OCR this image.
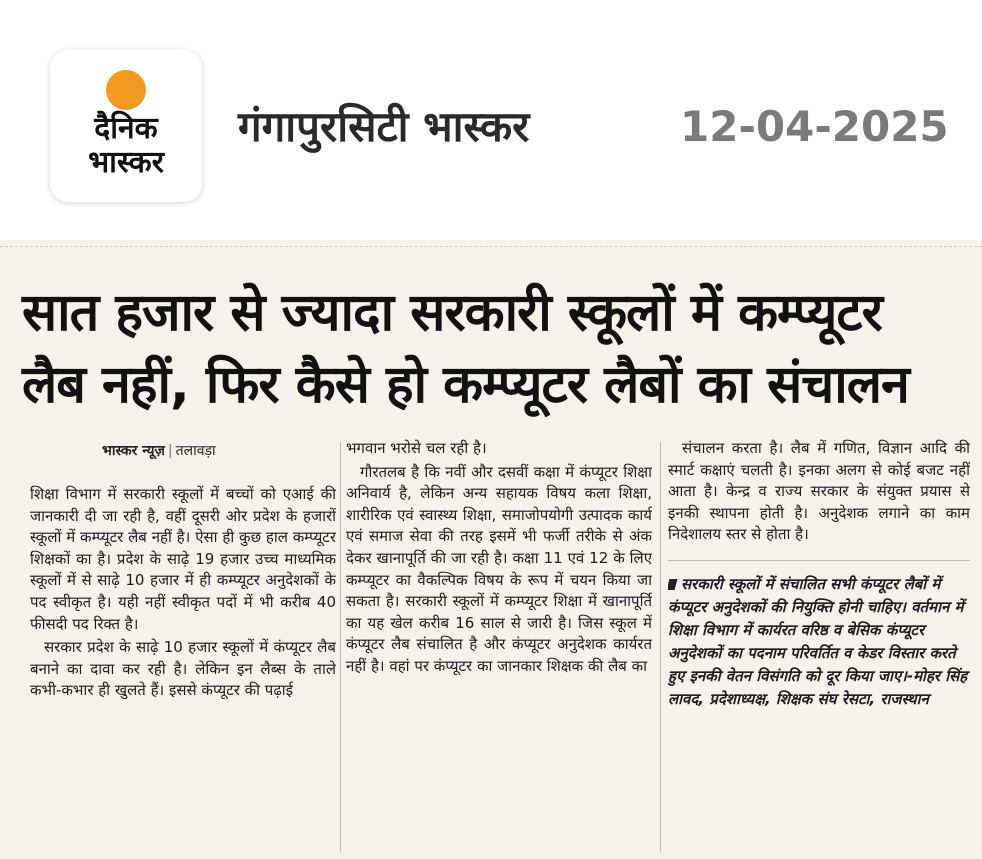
दैनिक
भास्कर
गंगापुरसिटी भास्कर	12-04-2025
सात हजार से ज्यादा सरकारी स्कूलों में कम्प्यूटर
लैब नहीं, फिर कैसे हो कम्प्यूटर लैबों का संचालन
भास्कर न्यूज़ | तलावड़ा

शिक्षा विभाग में सरकारी स्कूलों में बच्चों को एआई की जानकारी दी जा रही है, वहीं दूसरी ओर प्रदेश के हजारों स्कूलों में कम्प्यूटर लैब नहीं है। ऐसा ही कुछ हाल कम्प्यूटर शिक्षकों का है। प्रदेश के साढ़े 19 हजार उच्च माध्यमिक स्कूलों में से साढ़े 10 हजार में ही कम्प्यूटर अनुदेशकों के पद स्वीकृत है। यही नहीं स्वीकृत पदों में भी करीब 40 फीसदी पद रिक्त है।

सरकार प्रदेश के साढ़े 10 हजार स्कूलों में कंप्यूटर लैब बनाने का दावा कर रही है। लेकिन इन लैब्स के ताले कभी-कभार ही खुलते हैं। इससे कंप्यूटर की पढ़ाई

भगवान भरोसे चल रही है।

गौरतलब है कि नवीं और दसवीं कक्षा में कंप्यूटर शिक्षा अनिवार्य है, लेकिन अन्य सहायक विषय कला शिक्षा, शारीरिक एवं स्वास्थ्य शिक्षा, समाजोपयोगी उत्पादक कार्य एवं समाज सेवा की तरह इसमें भी फर्जी तरीके से अंक देकर खानापूर्ति की जा रही है। कक्षा 11 एवं 12 के लिए कम्प्यूटर का वैकल्पिक विषय के रूप में चयन किया जा सकता है। सरकारी स्कूलों में कम्प्यूटर शिक्षा में खानापूर्ति का यह खेल करीब 16 साल से जारी है। जिस स्कूल में कंप्यूटर लैब संचालित है और कंप्यूटर अनुदेशक कार्यरत नहीं है। वहां पर कंप्यूटर का जानकार शिक्षक की लैब का

संचालन करता है। लैब में गणित, विज्ञान आदि की स्मार्ट कक्षाएं चलती है। इनका अलग से कोई बजट नहीं आता है। केन्द्र व राज्य सरकार के संयुक्त प्रयास से इनकी स्थापना होती है। अनुदेशक लगाने का काम निदेशालय स्तर से होता है।

सरकारी स्कूलों में संचालित सभी कंप्यूटर लैबों में कंप्यूटर अनुदेशकों की नियुक्ति होनी चाहिए। वर्तमान में शिक्षा विभाग में कार्यरत वरिष्ठ व बेसिक कंप्यूटर अनुदेशकों का पदनाम परिवर्तित व केडर विस्तार करते हुए इनकी वेतन विसंगति को दूर किया जाए।-मोहर सिंह लावद, प्रदेशाध्यक्ष, शिक्षक संघ रेसटा, राजस्थान
